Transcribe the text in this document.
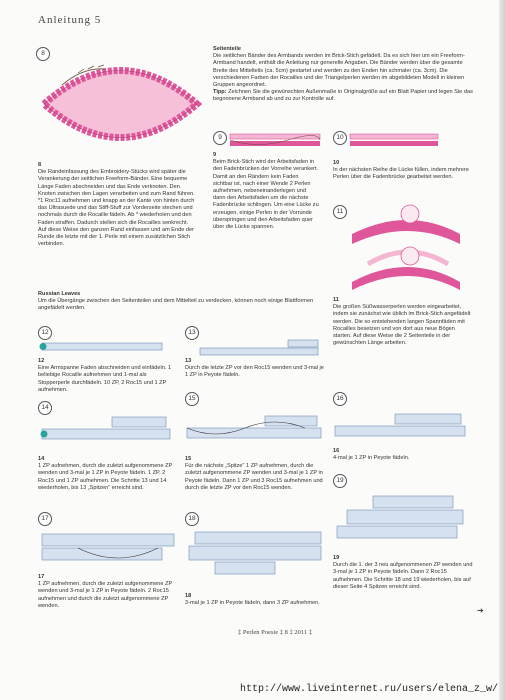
Anleitung 5
8
8
Die Randeinfassung des Embroidery-Stücks wird später die Verankerung der seitlichen Freeform-Bänder. Eine bequeme Länge Faden abschneiden und das Ende verknoten. Den Knoten zwischen den Lagen verarbeiten und zum Rand führen. *1 Roc11 aufnehmen und knapp an der Kante von hinten durch das Ultrasuede und das Stiff-Stuff zur Vorderseite stechen und nochmals durch die Rocaille fädeln. Ab * wiederholen und den Faden straffen. Dadurch stellen sich die Rocailles senkrecht. Auf diese Weise den ganzen Rand einfassen und am Ende der Runde die letzte mit der 1. Perle mit einem zusätzlichen Stich verbinden.
Seitenteile
Die seitlichen Bänder des Armbands werden im Brick-Stich gefädelt. Da es sich hier um ein Freeform-Armband handelt, enthält die Anleitung nur generelle Angaben. Die Bänder werden über die gesamte Breite des Mittelteils (ca. 5cm) gestartet und werden zu den Enden hin schmaler (ca. 3cm). Die verschiedenen Farben der Rocailles und der Triangelperlen werden im abgebildeten Modell in kleinen Gruppen angeordnet.
Tipp: Zeichnen Sie die gewünschten Außenmaße in Originalgröße auf ein Blatt Papier und legen Sie das begonnene Armband ab und zu zur Kontrolle auf.
9
9
Beim Brick-Stich wird der Arbeitsfaden in den Fadenbrücken der Vorreihe verankert. Damit an den Rändern kein Faden sichtbar ist, nach einer Wende 2 Perlen aufnehmen, nebeneinanderlegen und dann den Arbeitsfaden um die nächste Fadenbrücke schlingen. Um eine Lücke zu erzeugen, einige Perlen in der Vorrunde überspringen und den Arbeitsfaden quer über die Lücke spannen.
10
10
In der nächsten Reihe die Lücke füllen, indem mehrere Perlen über die Fadenbrücke gearbeitet werden.
11
11
Die großen Süßwasserperlen werden eingearbeitet, indem sie zunächst wie üblich im Brick-Stich angefädelt werden. Die so entstehenden langen Spannfäden mit Rocailles besetzen und von dort aus neue Bögen starten. Auf diese Weise die 2 Seitenteile in der gewünschten Länge arbeiten.
Russian Leaves
Um die Übergänge zwischen den Seitenteilen und dem Mittelteil zu verdecken, können noch einige Blattformen angefädelt werden.
12
12
Eine Armspanne Faden abschneiden und einfädeln. 1 beliebige Rocaille aufnehmen und 1-mal als Stopperperle durchfädeln. 10 ZP, 2 Roc15 und 1 ZP aufnehmen.
13
13
Durch die letzte ZP vor den Roc15 wenden und 3-mal je 1 ZP in Peyote fädeln.
14
14
1 ZP aufnehmen, durch die zuletzt aufgenommene ZP wenden und 3-mal je 1 ZP in Peyote fädeln. 1 ZP, 2 Roc15 und 1 ZP aufnehmen. Die Schritte 13 und 14 wiederholen, bis 13 „Spitzen“ erreicht sind.
15
15
Für die nächste „Spitze“ 1 ZP aufnehmen, durch die zuletzt aufgenommene ZP wenden und 3-mal je 1 ZP in Peyote fädeln. Dann 1 ZP und 3 Roc15 aufnehmen und durch die letzte ZP vor den Roc15 wenden.
16
16
4-mal je 1 ZP in Peyote fädeln.
17
17
1 ZP aufnehmen, durch die zuletzt aufgenommene ZP wenden und 3-mal je 1 ZP in Peyote fädeln. 2 Roc15 aufnehmen und durch die zuletzt aufgenommene ZP wenden.
18
18
3-mal je 1 ZP in Peyote fädeln, dann 3 ZP aufnehmen.
19
19
Durch die 1. der 3 neu aufgenommenen ZP wenden und 3-mal je 1 ZP in Peyote fädeln. Dann 2 Roc15 aufnehmen. Die Schritte 18 und 19 wiederholen, bis auf dieser Seite 4 Spitzen erreicht sind.
➜
‡ Perlen Poesie ‡ 8 ‡ 2011 ‡
http://www.liveinternet.ru/users/elena_z_w/
